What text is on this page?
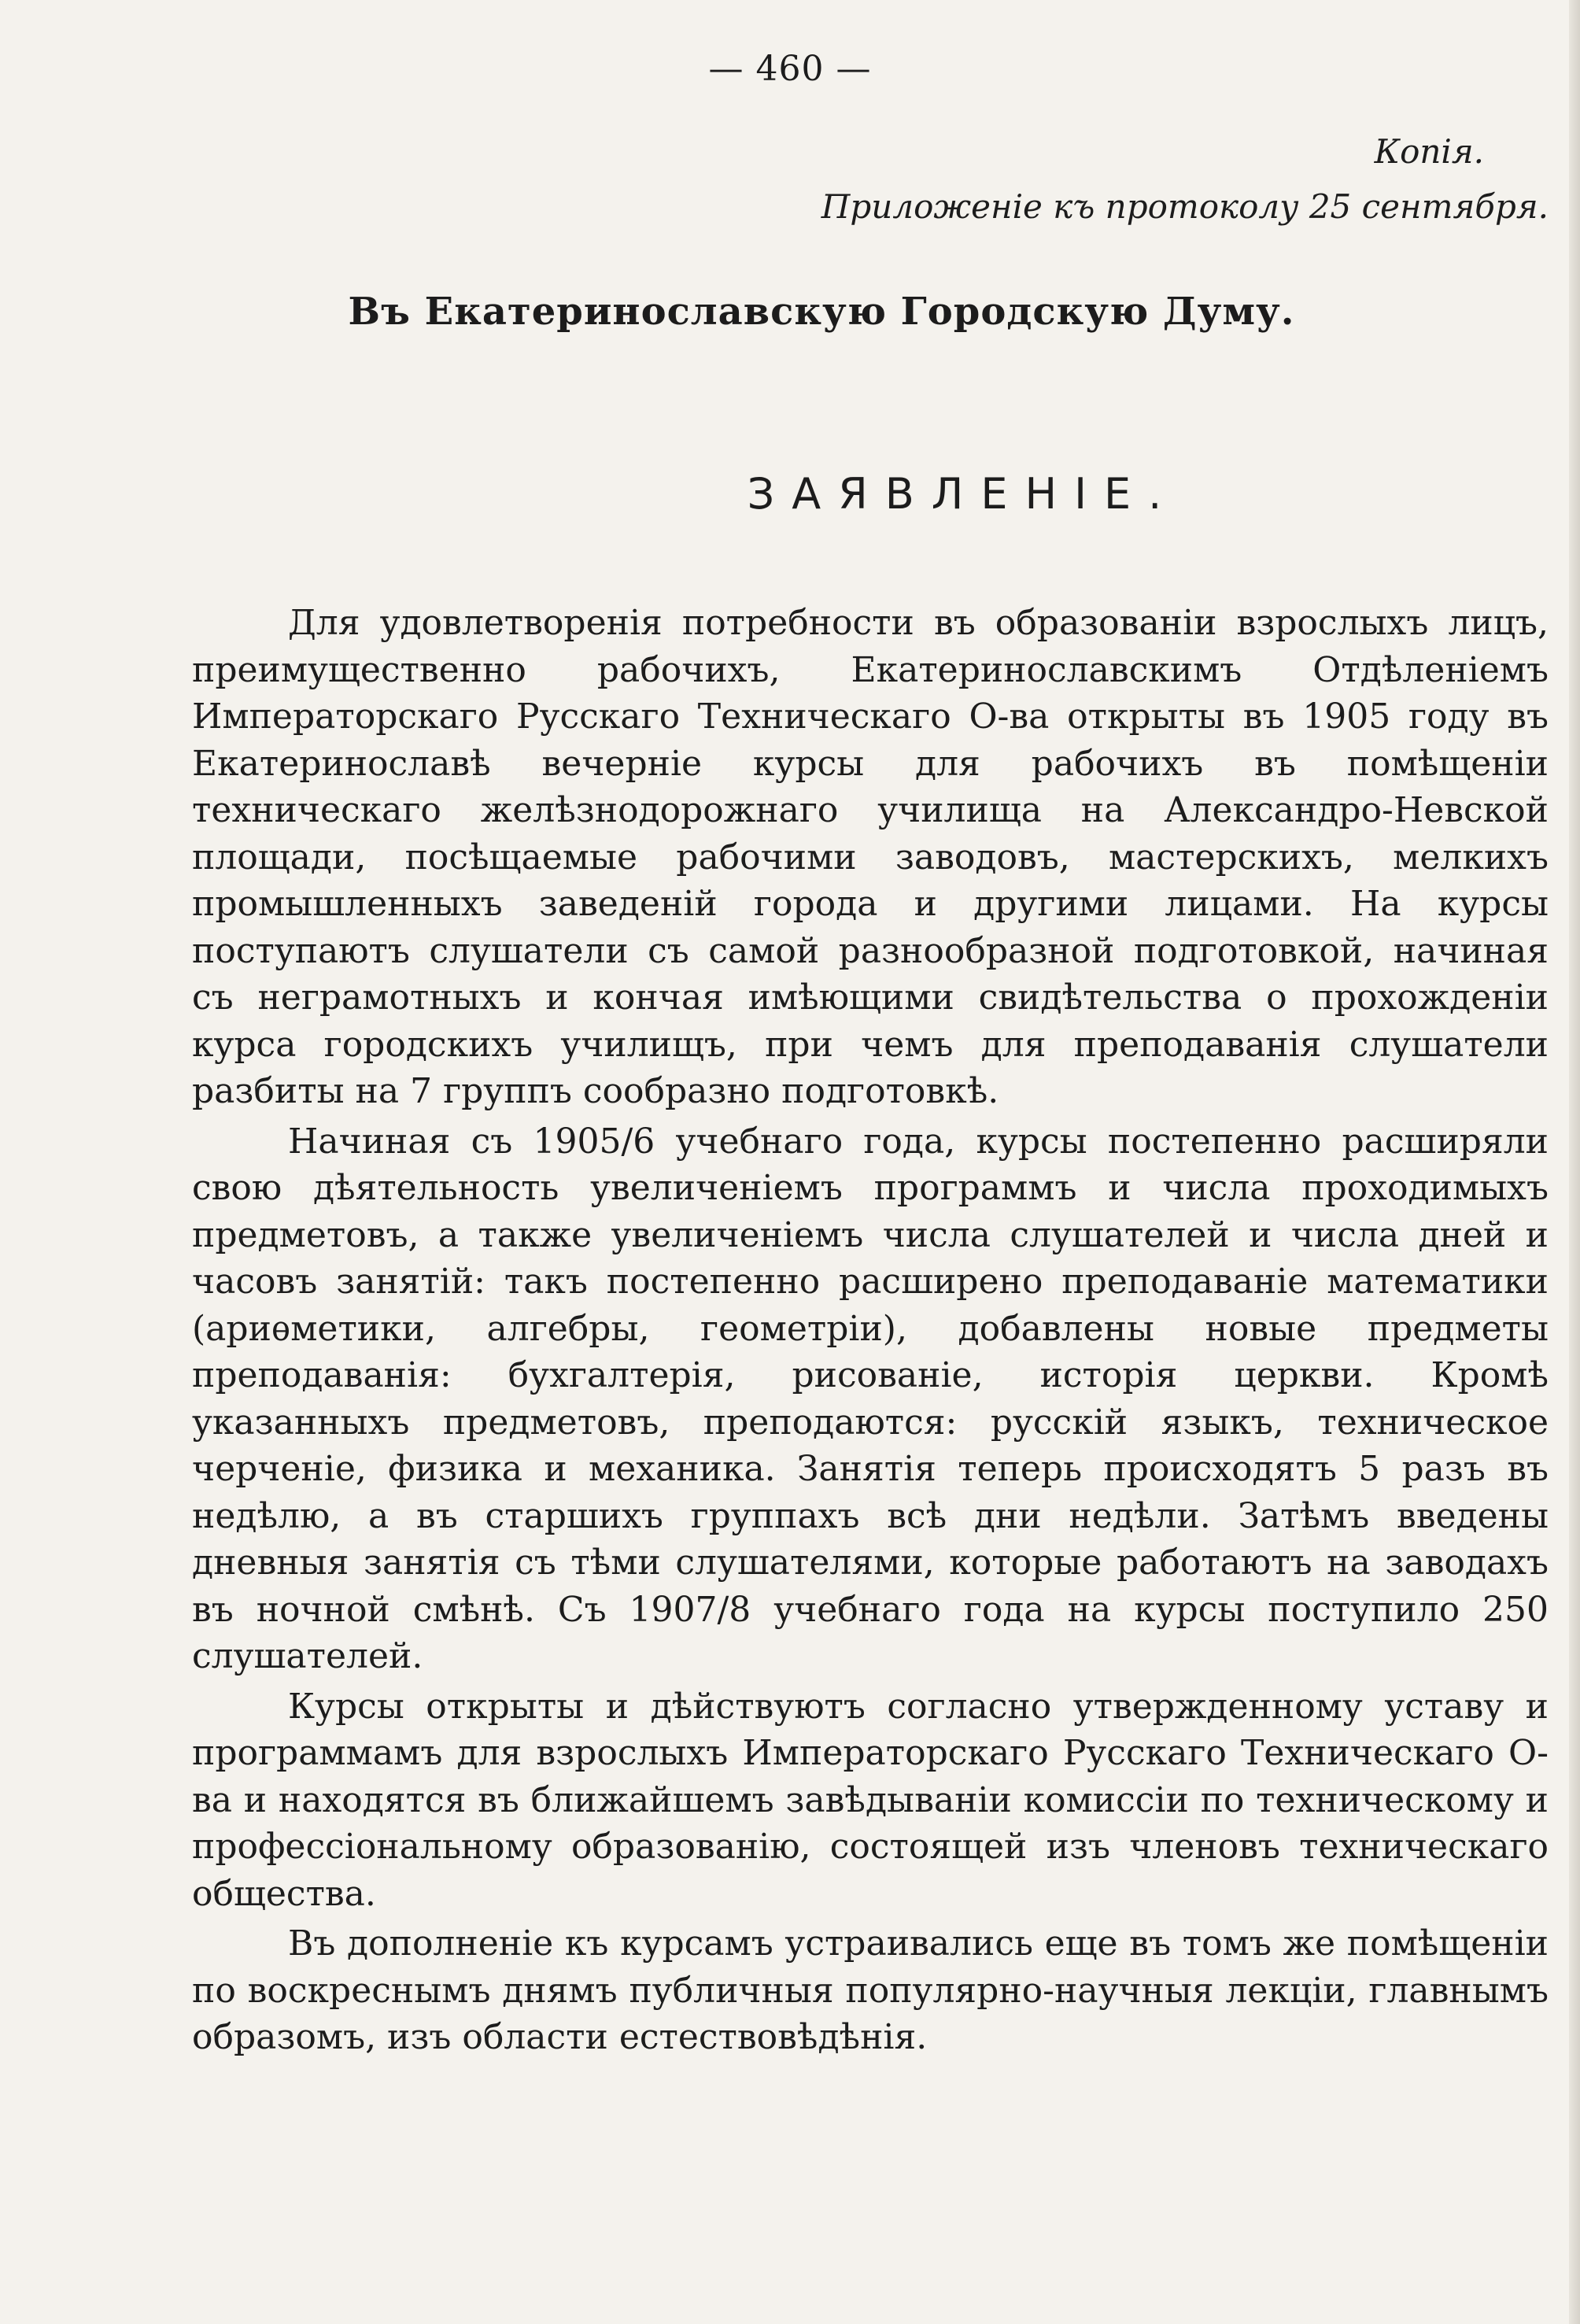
— 460 —
Копія.
Приложеніе къ протоколу 25 сентября.
Въ Екатеринославскую Городскую Думу.
ЗАЯВЛЕНІЕ.

Для удовлетворенія потребности въ образованіи взрослыхъ лицъ, преимущественно рабочихъ, Екатеринославскимъ Отдѣленіемъ Императорскаго Русскаго Техническаго О-ва открыты въ 1905 году въ Екатеринославѣ вечерніе курсы для рабочихъ въ помѣщеніи техническаго желѣзнодорожнаго училища на Александро-Невской площади, посѣщаемые рабочими заводовъ, мастерскихъ, мелкихъ промышленныхъ заведеній города и другими лицами. На курсы поступаютъ слушатели съ самой разнообразной подготовкой, начиная съ неграмотныхъ и кончая имѣющими свидѣтельства о прохожденіи курса городскихъ училищъ, при чемъ для преподаванія слушатели разбиты на 7 группъ сообразно подготовкѣ.

Начиная съ 1905/6 учебнаго года, курсы постепенно расширяли свою дѣятельность увеличеніемъ программъ и числа проходимыхъ предметовъ, а также увеличеніемъ числа слушателей и числа дней и часовъ занятій: такъ постепенно расширено преподаваніе математики (ариѳметики, алгебры, геометріи), добавлены новые предметы преподаванія: бухгалтерія, рисованіе, исторія церкви. Кромѣ указанныхъ предметовъ, преподаются: русскій языкъ, техническое черченіе, физика и механика. Занятія теперь происходятъ 5 разъ въ недѣлю, а въ старшихъ группахъ всѣ дни недѣли. Затѣмъ введены дневныя занятія съ тѣми слушателями, которые работаютъ на заводахъ въ ночной смѣнѣ. Съ 1907/8 учебнаго года на курсы поступило 250 слушателей.

Курсы открыты и дѣйствуютъ согласно утвержденному уставу и программамъ для взрослыхъ Императорскаго Русскаго Техническаго О-ва и находятся въ ближайшемъ завѣдываніи комиссіи по техническому и профессіональному образованію, состоящей изъ членовъ техническаго общества.

Въ дополненіе къ курсамъ устраивались еще въ томъ же помѣщеніи по воскреснымъ днямъ публичныя популярно-научныя лекціи, главнымъ образомъ, изъ области естествовѣдѣнія.
